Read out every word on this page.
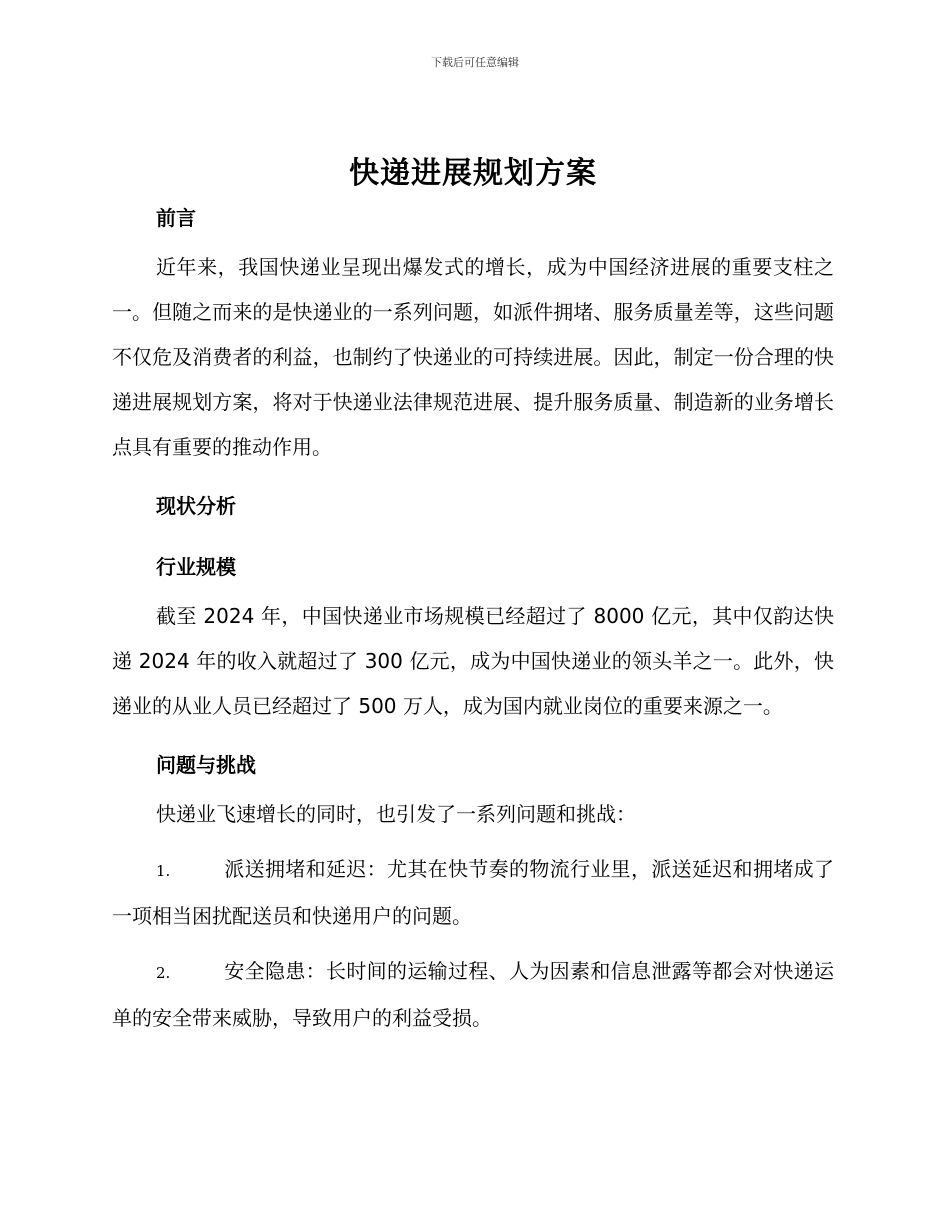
下载后可任意编辑
快递进展规划方案

前言

近年来，我国快递业呈现出爆发式的增长，成为中国经济进展的重要支柱之一。但随之而来的是快递业的一系列问题，如派件拥堵、服务质量差等，这些问题不仅危及消费者的利益，也制约了快递业的可持续进展。因此，制定一份合理的快递进展规划方案，将对于快递业法律规范进展、提升服务质量、制造新的业务增长点具有重要的推动作用。

现状分析

行业规模

截至 2024 年，中国快递业市场规模已经超过了 8000 亿元，其中仅韵达快递 2024 年的收入就超过了 300 亿元，成为中国快递业的领头羊之一。此外，快递业的从业人员已经超过了 500 万人，成为国内就业岗位的重要来源之一。

问题与挑战

快递业飞速增长的同时，也引发了一系列问题和挑战：

1.	派送拥堵和延迟：尤其在快节奏的物流行业里，派送延迟和拥堵成了一项相当困扰配送员和快递用户的问题。

2.	安全隐患：长时间的运输过程、人为因素和信息泄露等都会对快递运单的安全带来威胁，导致用户的利益受损。
